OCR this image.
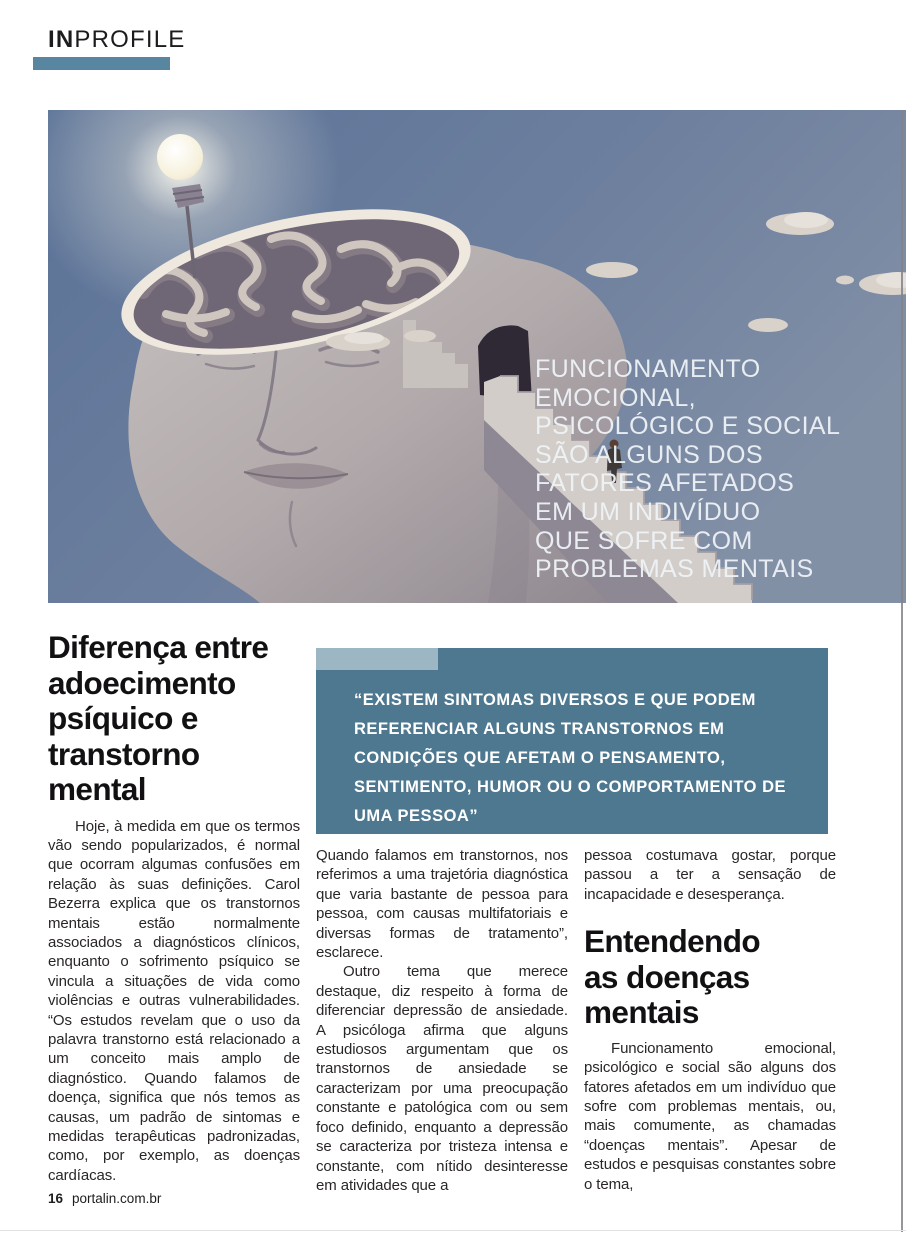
INPROFILE
FUNCIONAMENTO
EMOCIONAL,
PSICOLÓGICO E SOCIAL
SÃO ALGUNS DOS
FATORES AFETADOS
EM UM INDIVÍDUO
QUE SOFRE COM
PROBLEMAS MENTAIS
Diferença entre adoecimento psíquico e transtorno mental

Hoje, à medida em que os termos vão sendo popularizados, é normal que ocorram algumas confusões em relação às suas definições. Carol Bezerra explica que os transtornos mentais estão normalmente associados a diagnósticos clínicos, enquanto o sofrimento psíquico se vincula a situações de vida como violências e outras vulnerabilidades. “Os estudos revelam que o uso da palavra transtorno está relacionado a um conceito mais amplo de diagnóstico. Quando falamos de doença, significa que nós temos as causas, um padrão de sintomas e medidas terapêuticas padronizadas, como, por exemplo, as doenças cardíacas.

“EXISTEM SINTOMAS DIVERSOS E QUE PODEM REFERENCIAR ALGUNS TRANSTORNOS EM CONDIÇÕES QUE AFETAM O PENSAMENTO, SENTIMENTO, HUMOR OU O COMPORTAMENTO DE UMA PESSOA”

Quando falamos em transtornos, nos referimos a uma trajetória diagnóstica que varia bastante de pessoa para pessoa, com causas multifatoriais e diversas formas de tratamento”, esclarece.

Outro tema que merece destaque, diz respeito à forma de diferenciar depressão de ansiedade. A psicóloga afirma que alguns estudiosos argumentam que os transtornos de ansiedade se caracterizam por uma preocupação constante e patológica com ou sem foco definido, enquanto a depressão se caracteriza por tristeza intensa e constante, com nítido desinteresse em atividades que a

pessoa costumava gostar, porque passou a ter a sensação de incapacidade e desesperança.

Entendendo as doenças mentais

Funcionamento emocional, psicológico e social são alguns dos fatores afetados em um indivíduo que sofre com problemas mentais, ou, mais comumente, as chamadas “doenças mentais”. Apesar de estudos e pesquisas constantes sobre o tema,

16 portalin.com.br
